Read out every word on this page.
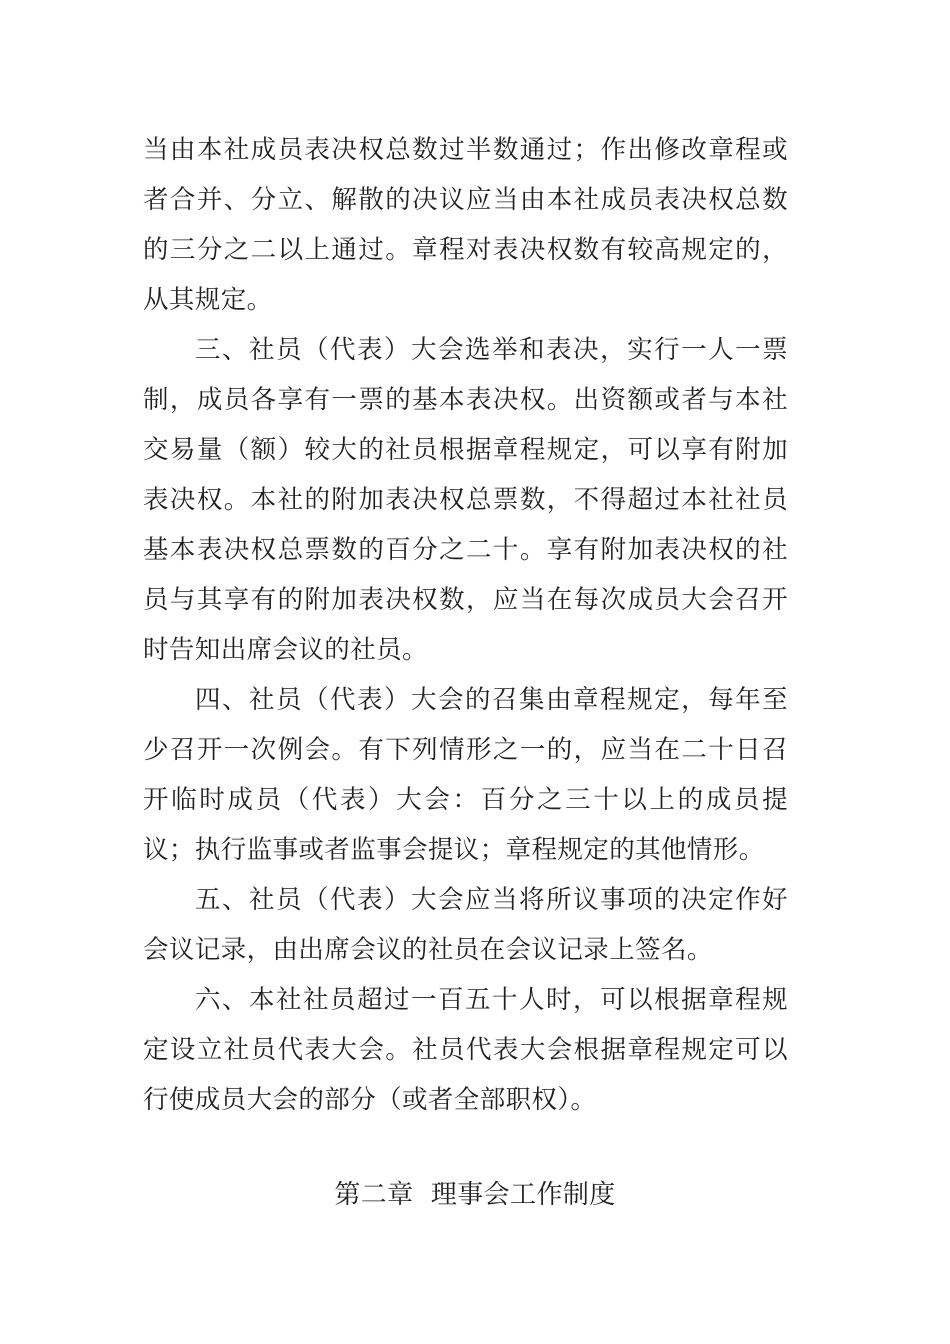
当由本社成员表决权总数过半数通过；作出修改章程或者合并、分立、解散的决议应当由本社成员表决权总数的三分之二以上通过。章程对表决权数有较高规定的，从其规定。

三、社员（代表）大会选举和表决，实行一人一票制，成员各享有一票的基本表决权。出资额或者与本社交易量（额）较大的社员根据章程规定，可以享有附加表决权。本社的附加表决权总票数，不得超过本社社员基本表决权总票数的百分之二十。享有附加表决权的社员与其享有的附加表决权数，应当在每次成员大会召开时告知出席会议的社员。

四、社员（代表）大会的召集由章程规定，每年至少召开一次例会。有下列情形之一的，应当在二十日召开临时成员（代表）大会：百分之三十以上的成员提议；执行监事或者监事会提议；章程规定的其他情形。

五、社员（代表）大会应当将所议事项的决定作好会议记录，由出席会议的社员在会议记录上签名。

六、本社社员超过一百五十人时，可以根据章程规定设立社员代表大会。社员代表大会根据章程规定可以行使成员大会的部分（或者全部职权）。

第二章  理事会工作制度
